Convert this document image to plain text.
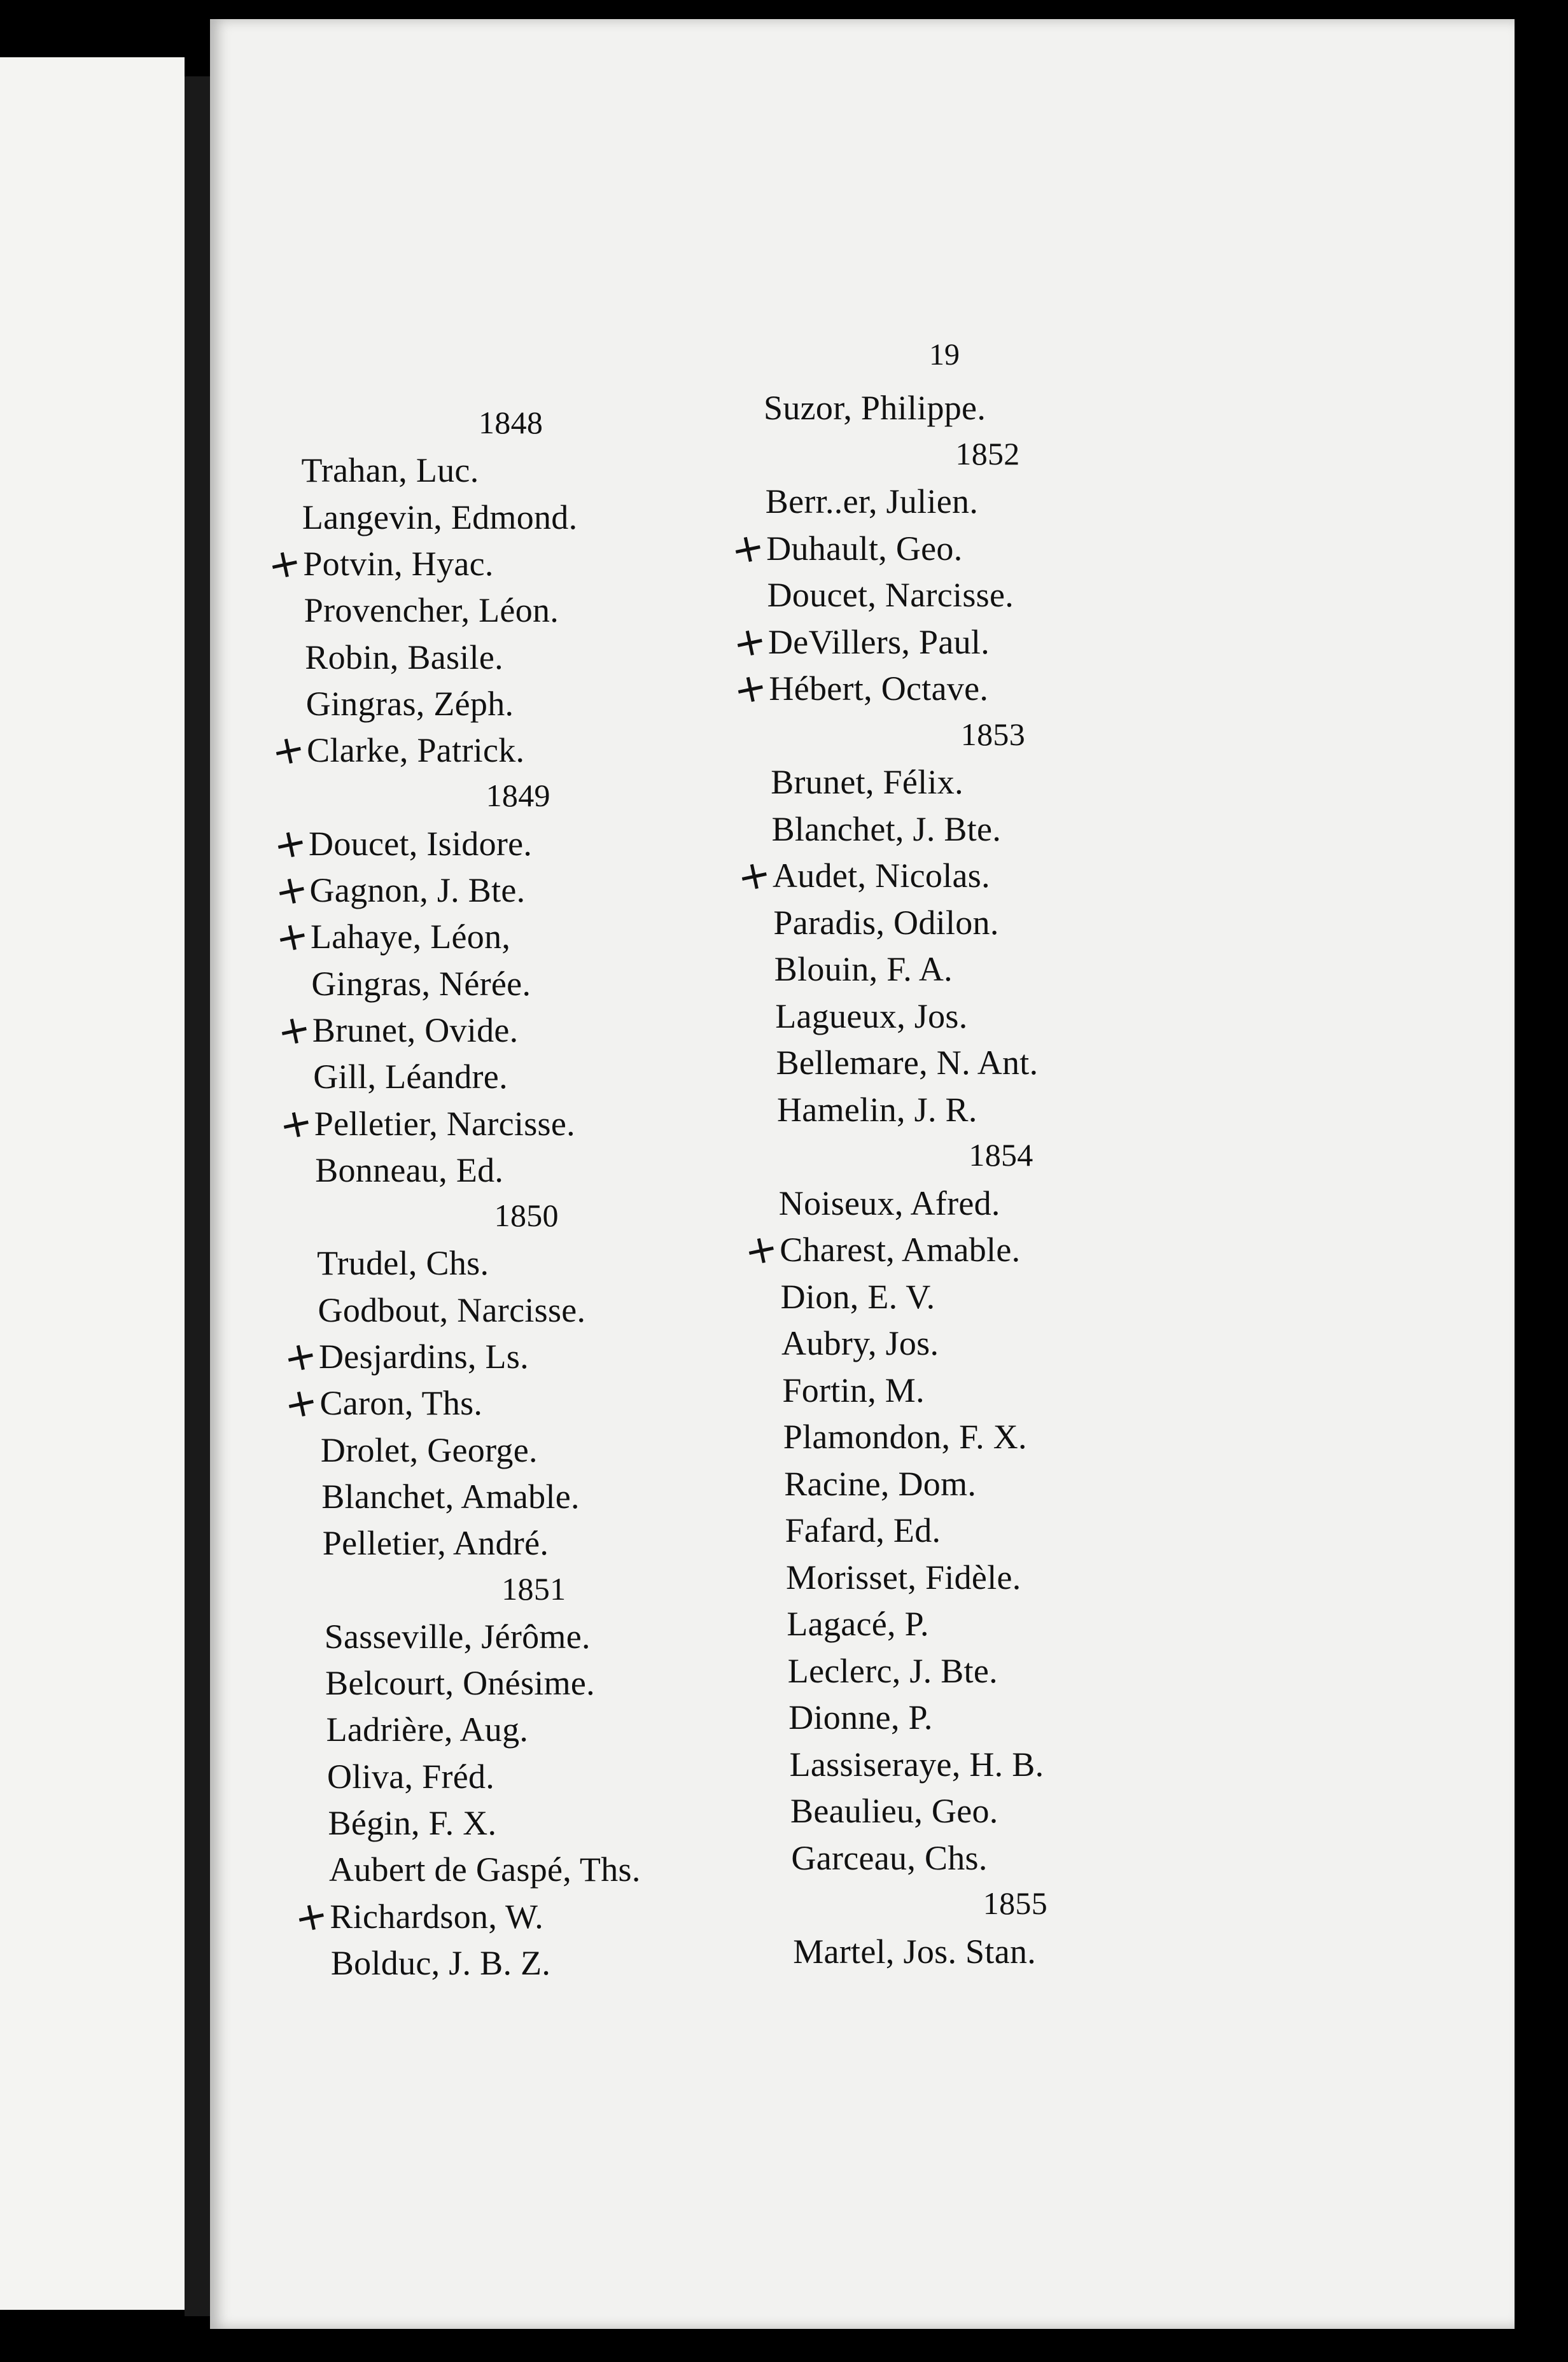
19
1848
Trahan, Luc.
Langevin, Edmond.
Potvin, Hyac.
+
Provencher, Léon.
Robin, Basile.
Gingras, Zéph.
Clarke, Patrick.
+
1849
Doucet, Isidore.
+
Gagnon, J. Bte.
+
Lahaye, Léon,
+
Gingras, Nérée.
Brunet, Ovide.
+
Gill, Léandre.
Pelletier, Narcisse.
+
Bonneau, Ed.
1850
Trudel, Chs.
Godbout, Narcisse.
Desjardins, Ls.
+
Caron, Ths.
+
Drolet, George.
Blanchet, Amable.
Pelletier, André.
1851
Sasseville, Jérôme.
Belcourt, Onésime.
Ladrière, Aug.
Oliva, Fréd.
Bégin, F. X.
Aubert de Gaspé, Ths.
Richardson, W.
+
Bolduc, J. B. Z.
Suzor, Philippe.
1852
Berr..er, Julien.
Duhault, Geo.
+
Doucet, Narcisse.
DeVillers, Paul.
+
Hébert, Octave.
+
1853
Brunet, Félix.
Blanchet, J. Bte.
Audet, Nicolas.
+
Paradis, Odilon.
Blouin, F. A.
Lagueux, Jos.
Bellemare, N. Ant.
Hamelin, J. R.
1854
Noiseux, Afred.
Charest, Amable.
+
Dion, E. V.
Aubry, Jos.
Fortin, M.
Plamondon, F. X.
Racine, Dom.
Fafard, Ed.
Morisset, Fidèle.
Lagacé, P.
Leclerc, J. Bte.
Dionne, P.
Lassiseraye, H. B.
Beaulieu, Geo.
Garceau, Chs.
1855
Martel, Jos. Stan.
